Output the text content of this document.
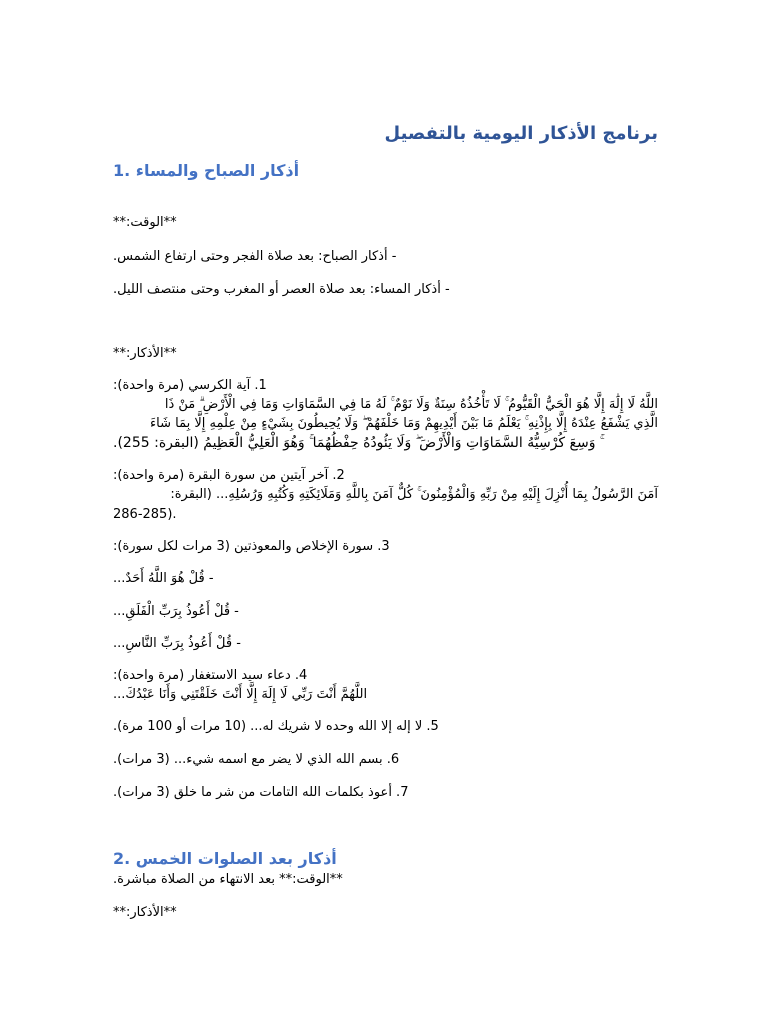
برنامج الأذكار اليومية بالتفصيل
1. أذكار الصباح والمساء
**الوقت:**
- أذكار الصباح: بعد صلاة الفجر وحتى ارتفاع الشمس.
- أذكار المساء: بعد صلاة العصر أو المغرب وحتى منتصف الليل.
**الأذكار:**
1. آية الكرسي (مرة واحدة):
اللَّهُ لَا إِلَٰهَ إِلَّا هُوَ الْحَيُّ الْقَيُّومُ ۚ لَا تَأْخُذُهُ سِنَةٌ وَلَا نَوْمٌ ۚ لَهُ مَا فِي السَّمَاوَاتِ وَمَا فِي الْأَرْضِ ۗ مَنْ ذَا
الَّذِي يَشْفَعُ عِنْدَهُ إِلَّا بِإِذْنِهِ ۚ يَعْلَمُ مَا بَيْنَ أَيْدِيهِمْ وَمَا خَلْفَهُمْ ۖ وَلَا يُحِيطُونَ بِشَيْءٍ مِنْ عِلْمِهِ إِلَّا بِمَا شَاءَ
ۚ وَسِعَ كُرْسِيُّهُ السَّمَاوَاتِ وَالْأَرْضَ ۖ وَلَا يَئُودُهُ حِفْظُهُمَا ۚ وَهُوَ الْعَلِيُّ الْعَظِيمُ (البقرة: 255).
2. آخر آيتين من سورة البقرة (مرة واحدة):
آمَنَ الرَّسُولُ بِمَا أُنْزِلَ إِلَيْهِ مِنْ رَبِّهِ وَالْمُؤْمِنُونَ ۚ كُلٌّ آمَنَ بِاللَّهِ وَمَلَائِكَتِهِ وَكُتُبِهِ وَرُسُلِهِ... (البقرة:
286-285).
3. سورة الإخلاص والمعوذتين (3 مرات لكل سورة):
- قُلْ هُوَ اللَّهُ أَحَدٌ...
- قُلْ أَعُوذُ بِرَبِّ الْفَلَقِ...
- قُلْ أَعُوذُ بِرَبِّ النَّاسِ...
4. دعاء سيد الاستغفار (مرة واحدة):
اللَّهُمَّ أَنْتَ رَبِّي لَا إِلَهَ إِلَّا أَنْتَ خَلَقْتَنِي وَأَنَا عَبْدُكَ...
5. لا إله إلا الله وحده لا شريك له... (10 مرات أو 100 مرة).
6. بسم الله الذي لا يضر مع اسمه شيء... (3 مرات).
7. أعوذ بكلمات الله التامات من شر ما خلق (3 مرات).
2. أذكار بعد الصلوات الخمس
**الوقت:** بعد الانتهاء من الصلاة مباشرة.
**الأذكار:**
